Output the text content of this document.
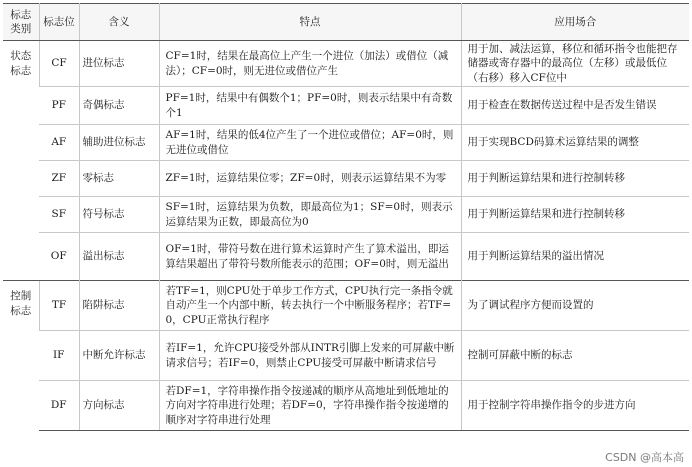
标志类别	标志位	含义	特点	应用场合
状态标志	CF	进位标志	CF=1时，结果在最高位上产生一个进位（加法）或借位（减法）；CF=0时，则无进位或借位产生	用于加、减法运算，移位和循环指令也能把存储器或寄存器中的最高位（左移）或最低位（右移）移入CF位中
	PF	奇偶标志	PF=1时，结果中有偶数个1；PF=0时，则表示结果中有奇数个1	用于检查在数据传送过程中是否发生错误
	AF	辅助进位标志	AF=1时，结果的低4位产生了一个进位或借位；AF=0时，则无进位或借位	用于实现BCD码算术运算结果的调整
	ZF	零标志	ZF=1时，运算结果位零；ZF=0时，则表示运算结果不为零	用于判断运算结果和进行控制转移
	SF	符号标志	SF=1时，运算结果为负数，即最高位为1；SF=0时，则表示运算结果为正数，即最高位为0	用于判断运算结果和进行控制转移
	OF	溢出标志	OF=1时，带符号数在进行算术运算时产生了算术溢出，即运算结果超出了带符号数所能表示的范围；OF=0时，则无溢出	用于判断运算结果的溢出情况
控制标志	TF	陷阱标志	若TF=1，则CPU处于单步工作方式，CPU执行完一条指令就自动产生一个内部中断，转去执行一个中断服务程序；若TF=0，CPU正常执行程序	为了调试程序方便而设置的
	IF	中断允许标志	若IF=1，允许CPU接受外部从INTR引脚上发来的可屏蔽中断请求信号；若IF=0，则禁止CPU接受可屏蔽中断请求信号	控制可屏蔽中断的标志
	DF	方向标志	若DF=1，字符串操作指令按递减的顺序从高地址到低地址的方向对字符串进行处理；若DF=0，字符串操作指令按递增的顺序对字符串进行处理	用于控制字符串操作指令的步进方向
CSDN @高本高
